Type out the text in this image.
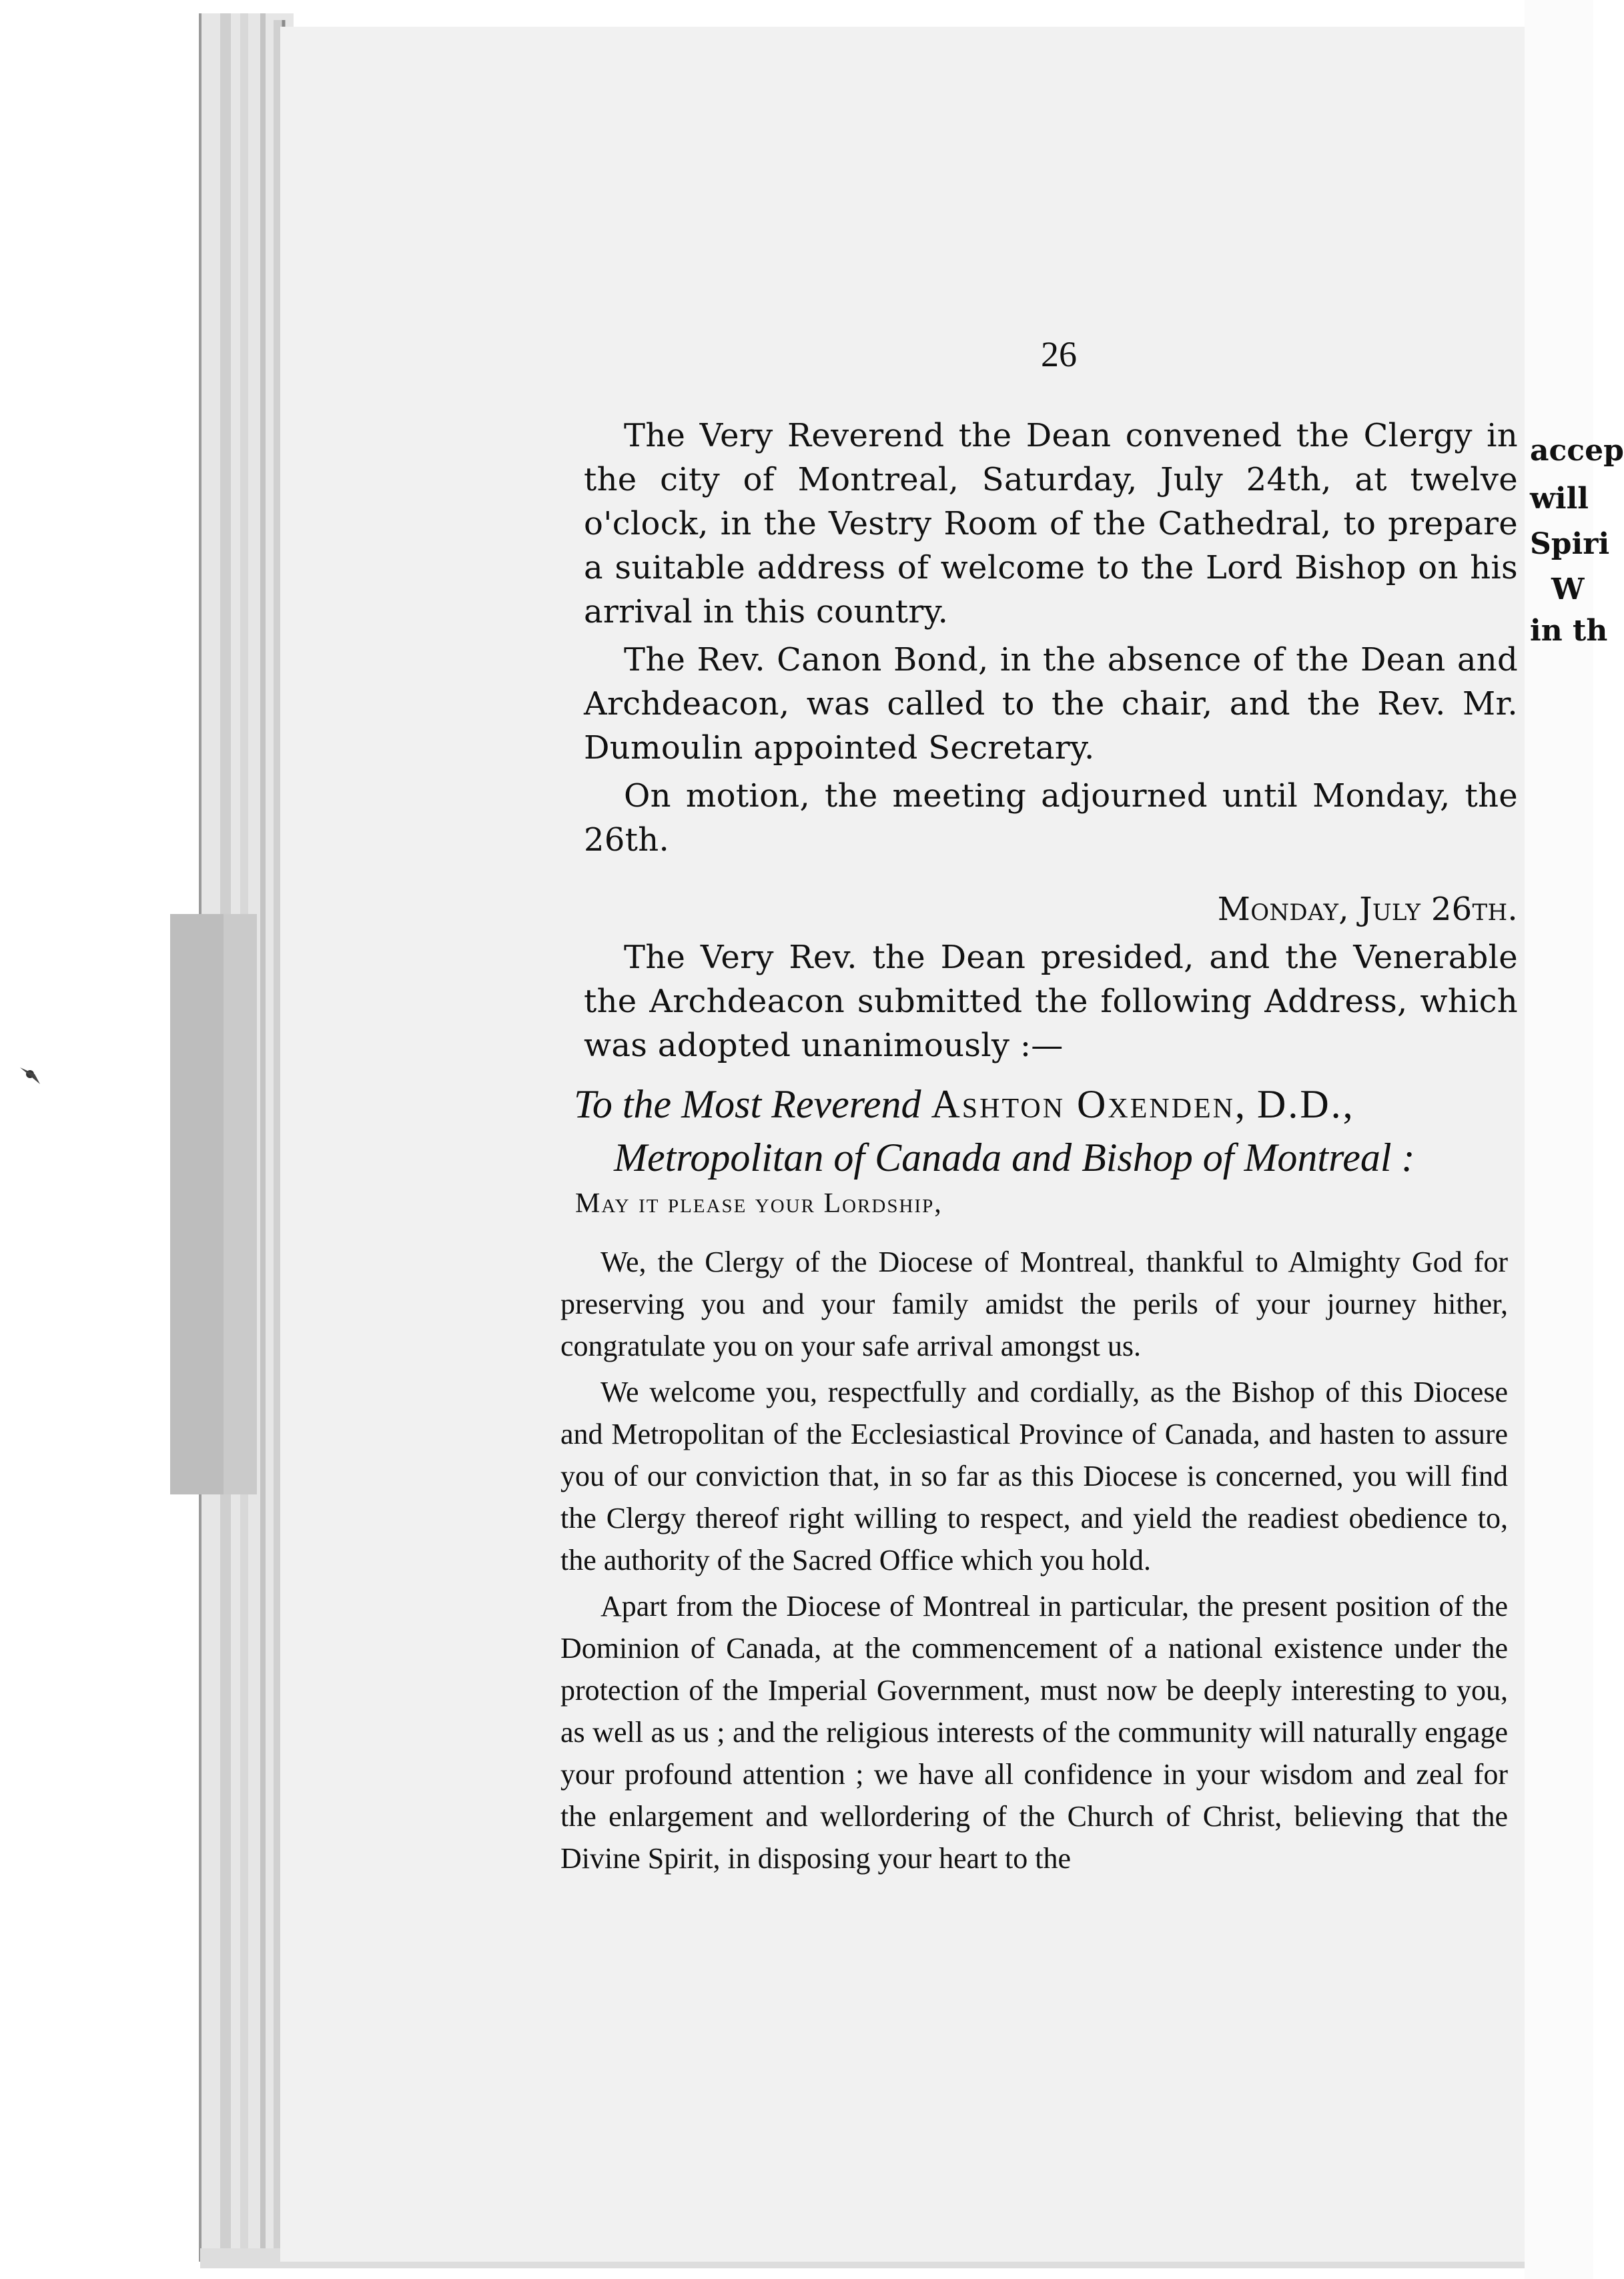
accep
will
Spiri
W
in th
26

The Very Reverend the Dean convened the Clergy in the city of Montreal, Saturday, July 24th, at twelve o'clock, in the Vestry Room of the Cathedral, to prepare a suitable address of welcome to the Lord Bishop on his arrival in this country.

The Rev. Canon Bond, in the absence of the Dean and Archdeacon, was called to the chair, and the Rev. Mr. Dumoulin appointed Secretary.

On motion, the meeting adjourned until Monday, the 26th.

Monday, July 26th.

The Very Rev. the Dean presided, and the Venerable the Archdeacon submitted the following Address, which was adopted unanimously :—

To the Most Reverend Ashton Oxenden, D.D.,
Metropolitan of Canada and Bishop of Montreal :
May it please your Lordship,

We, the Clergy of the Diocese of Montreal, thankful to Almighty God for preserving you and your family amidst the perils of your journey hither, congratulate you on your safe arrival amongst us.

We welcome you, respectfully and cordially, as the Bishop of this Diocese and Metropolitan of the Ecclesiastical Province of Canada, and hasten to assure you of our conviction that, in so far as this Diocese is concerned, you will find the Clergy thereof right willing to respect, and yield the readiest obedience to, the authority of the Sacred Office which you hold.

Apart from the Diocese of Montreal in particular, the present position of the Dominion of Canada, at the commencement of a national existence under the protection of the Imperial Government, must now be deeply interesting to you, as well as us ; and the religious interests of the community will naturally engage your profound attention ; we have all confidence in your wisdom and zeal for the enlargement and wellordering of the Church of Christ, believing that the Divine Spirit, in disposing your heart to the
